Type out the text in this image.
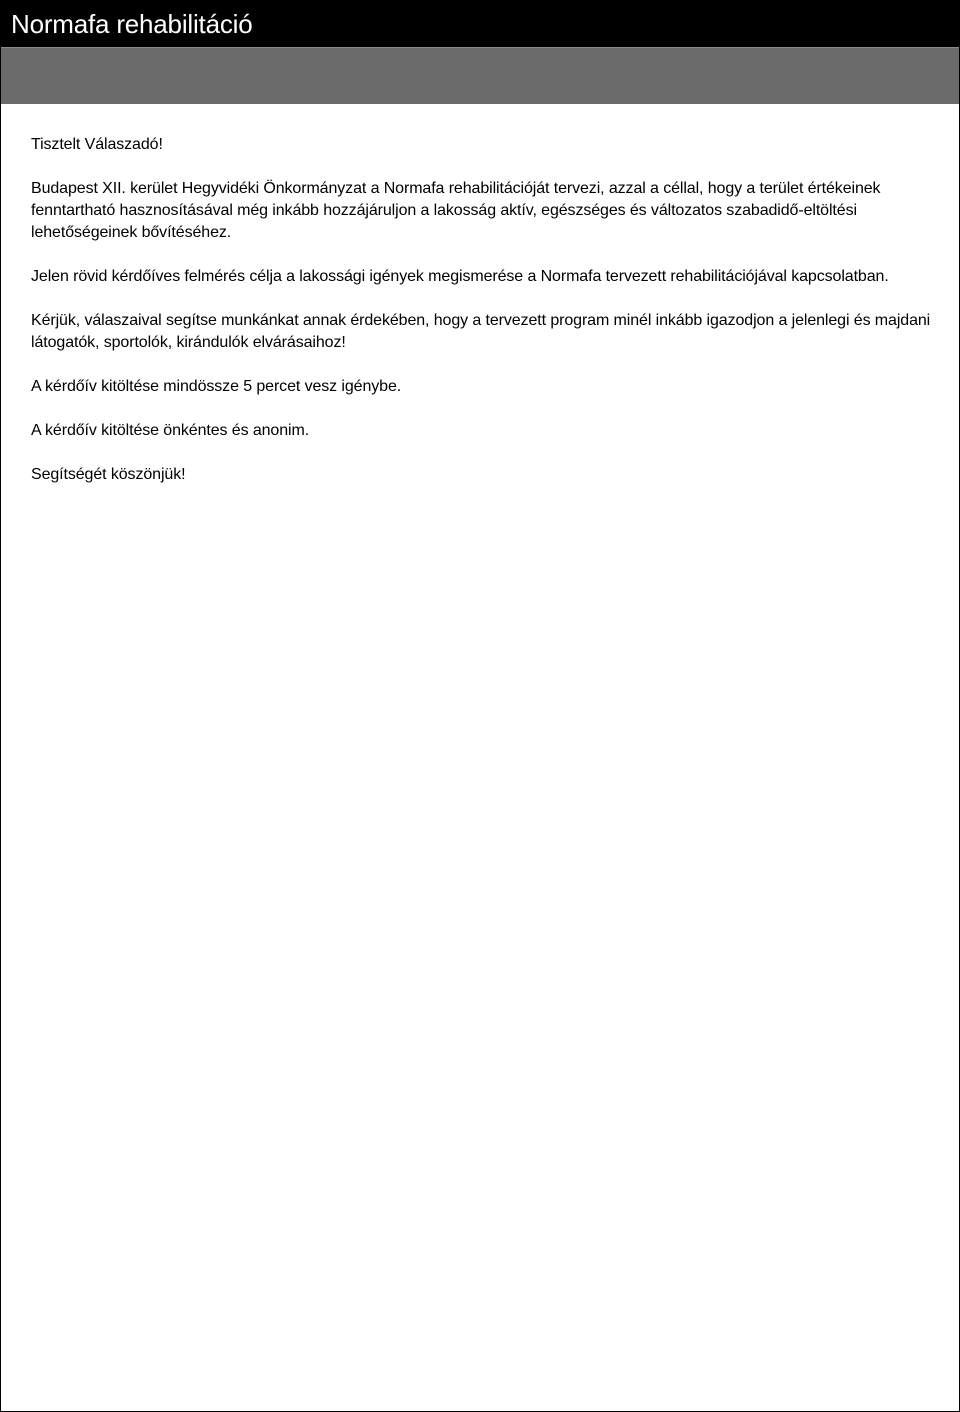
Normafa rehabilitáció

Tisztelt Válaszadó!

Budapest XII. kerület Hegyvidéki Önkormányzat a Normafa rehabilitációját tervezi, azzal a céllal, hogy a terület értékeinek fenntartható hasznosításával még inkább hozzájáruljon a lakosság aktív, egészséges és változatos szabadidő-eltöltési lehetőségeinek bővítéséhez.

Jelen rövid kérdőíves felmérés célja a lakossági igények megismerése a Normafa tervezett rehabilitációjával kapcsolatban.

Kérjük, válaszaival segítse munkánkat annak érdekében, hogy a tervezett program minél inkább igazodjon a jelenlegi és majdani látogatók, sportolók, kirándulók elvárásaihoz!

A kérdőív kitöltése mindössze 5 percet vesz igénybe.

A kérdőív kitöltése önkéntes és anonim.

Segítségét köszönjük!
